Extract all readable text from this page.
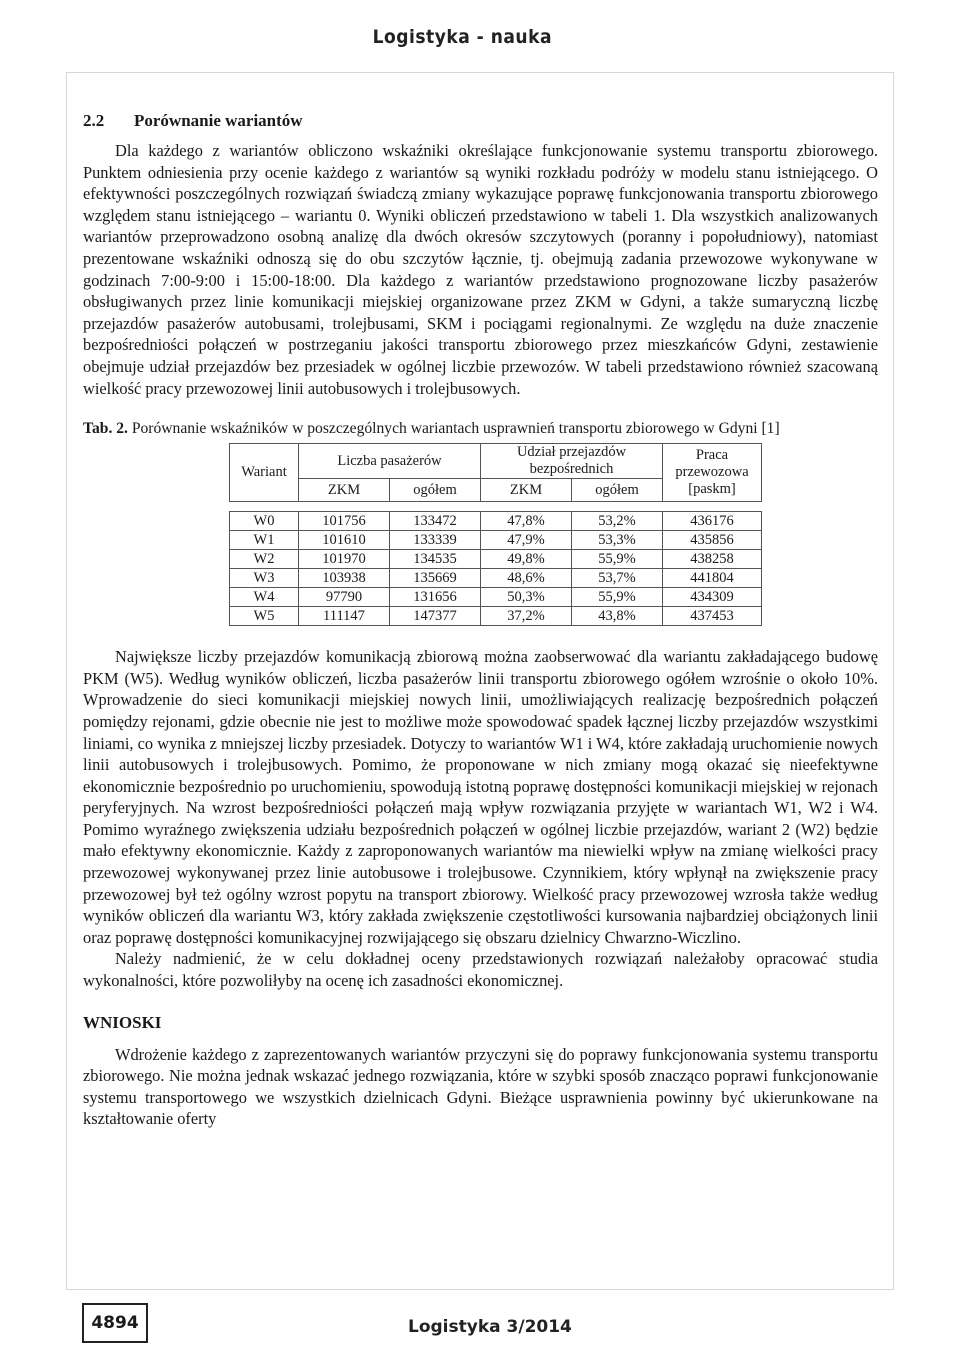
Logistyka - nauka
2.2 Porównanie wariantów

Dla każdego z wariantów obliczono wskaźniki określające funkcjonowanie systemu transportu zbiorowego. Punktem odniesienia przy ocenie każdego z wariantów są wyniki rozkładu podróży w modelu stanu istniejącego. O efektywności poszczególnych rozwiązań świadczą zmiany wykazujące poprawę funkcjonowania transportu zbiorowego względem stanu istniejącego – wariantu 0. Wyniki obliczeń przedstawiono w tabeli 1. Dla wszystkich analizowanych wariantów przeprowadzono osobną analizę dla dwóch okresów szczytowych (poranny i popołudniowy), natomiast prezentowane wskaźniki odnoszą się do obu szczytów łącznie, tj. obejmują zadania przewozowe wykonywane w godzinach 7:00-9:00 i 15:00-18:00. Dla każdego z wariantów przedstawiono prognozowane liczby pasażerów obsługiwanych przez linie komunikacji miejskiej organizowane przez ZKM w Gdyni, a także sumaryczną liczbę przejazdów pasażerów autobusami, trolejbusami, SKM i pociągami regionalnymi. Ze względu na duże znaczenie bezpośredniości połączeń w postrzeganiu jakości transportu zbiorowego przez mieszkańców Gdyni, zestawienie obejmuje udział przejazdów bez przesiadek w ogólnej liczbie przewozów. W tabeli przedstawiono również szacowaną wielkość pracy przewozowej linii autobusowych i trolejbusowych.

Tab. 2. Porównanie wskaźników w poszczególnych wariantach usprawnień transportu zbiorowego w Gdyni [1]
Wariant	Liczba pasażerów		Udział przejazdów bezpośrednich		Praca przewozowa [paskm]
	ZKM	ogółem	ZKM	ogółem	

W0	101756	133472	47,8%	53,2%	436176
W1	101610	133339	47,9%	53,3%	435856
W2	101970	134535	49,8%	55,9%	438258
W3	103938	135669	48,6%	53,7%	441804
W4	97790	131656	50,3%	55,9%	434309
W5	111147	147377	37,2%	43,8%	437453

Największe liczby przejazdów komunikacją zbiorową można zaobserwować dla wariantu zakładającego budowę PKM (W5). Według wyników obliczeń, liczba pasażerów linii transportu zbiorowego ogółem wzrośnie o około 10%. Wprowadzenie do sieci komunikacji miejskiej nowych linii, umożliwiających realizację bezpośrednich połączeń pomiędzy rejonami, gdzie obecnie nie jest to możliwe może spowodować spadek łącznej liczby przejazdów wszystkimi liniami, co wynika z mniejszej liczby przesiadek. Dotyczy to wariantów W1 i W4, które zakładają uruchomienie nowych linii autobusowych i trolejbusowych. Pomimo, że proponowane w nich zmiany mogą okazać się nieefektywne ekonomicznie bezpośrednio po uruchomieniu, spowodują istotną poprawę dostępności komunikacji miejskiej w rejonach peryferyjnych. Na wzrost bezpośredniości połączeń mają wpływ rozwiązania przyjęte w wariantach W1, W2 i W4. Pomimo wyraźnego zwiększenia udziału bezpośrednich połączeń w ogólnej liczbie przejazdów, wariant 2 (W2) będzie mało efektywny ekonomicznie. Każdy z zaproponowanych wariantów ma niewielki wpływ na zmianę wielkości pracy przewozowej wykonywanej przez linie autobusowe i trolejbusowe. Czynnikiem, który wpłynął na zwiększenie pracy przewozowej był też ogólny wzrost popytu na transport zbiorowy. Wielkość pracy przewozowej wzrosła także według wyników obliczeń dla wariantu W3, który zakłada zwiększenie częstotliwości kursowania najbardziej obciążonych linii oraz poprawę dostępności komunikacyjnej rozwijającego się obszaru dzielnicy Chwarzno-Wiczlino.

Należy nadmienić, że w celu dokładnej oceny przedstawionych rozwiązań należałoby opracować studia wykonalności, które pozwoliłyby na ocenę ich zasadności ekonomicznej.

WNIOSKI

Wdrożenie każdego z zaprezentowanych wariantów przyczyni się do poprawy funkcjonowania systemu transportu zbiorowego. Nie można jednak wskazać jednego rozwiązania, które w szybki sposób znacząco poprawi funkcjonowanie systemu transportowego we wszystkich dzielnicach Gdyni. Bieżące usprawnienia powinny być ukierunkowane na kształtowanie oferty

4894	Logistyka 3/2014
